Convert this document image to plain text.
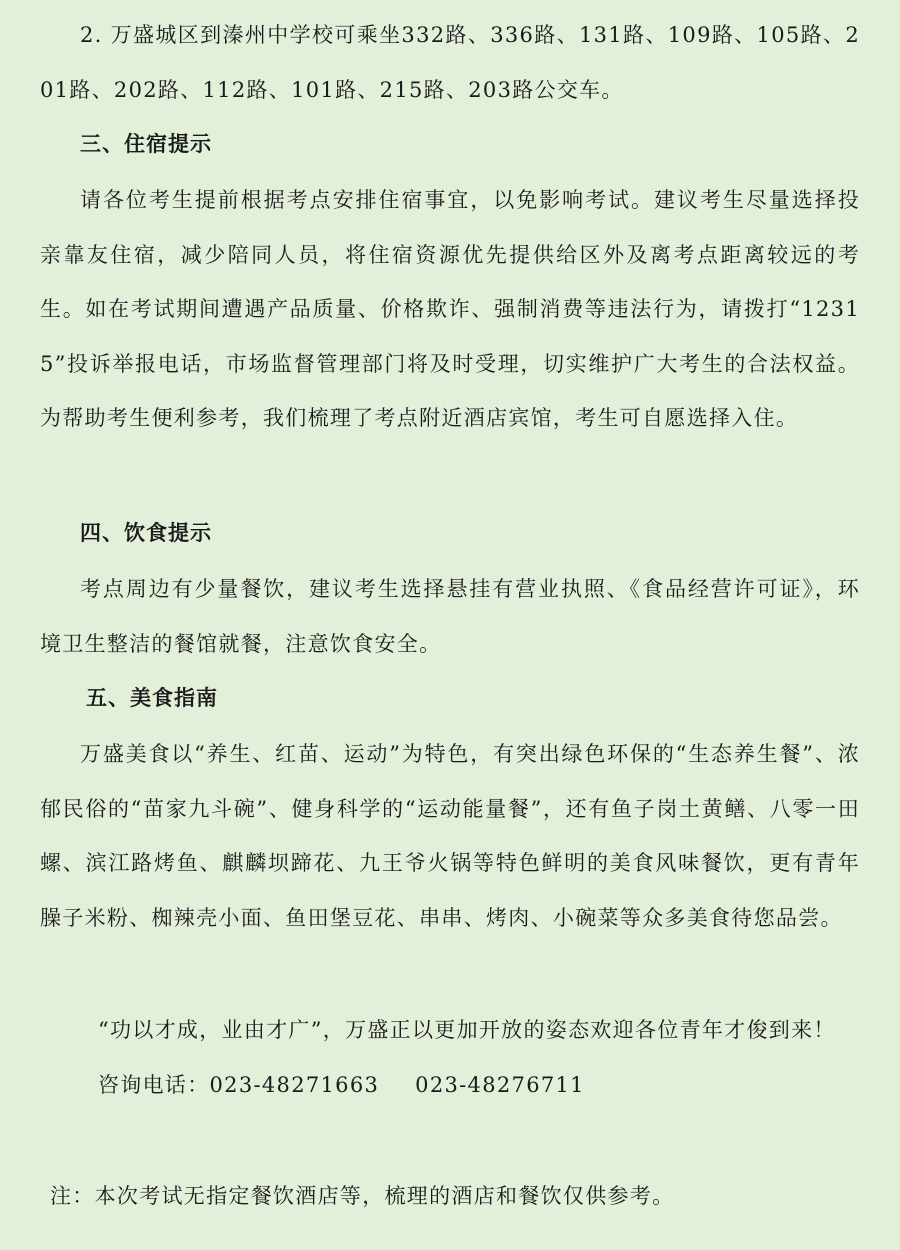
2. 万盛城区到溱州中学校可乘坐332路、336路、131路、109路、105路、201路、202路、112路、101路、215路、203路公交车。

三、住宿提示

请各位考生提前根据考点安排住宿事宜，以免影响考试。建议考生尽量选择投亲靠友住宿，减少陪同人员，将住宿资源优先提供给区外及离考点距离较远的考生。如在考试期间遭遇产品质量、价格欺诈、强制消费等违法行为，请拨打“12315”投诉举报电话，市场监督管理部门将及时受理，切实维护广大考生的合法权益。为帮助考生便利参考，我们梳理了考点附近酒店宾馆，考生可自愿选择入住。

四、饮食提示

考点周边有少量餐饮，建议考生选择悬挂有营业执照、《食品经营许可证》，环境卫生整洁的餐馆就餐，注意饮食安全。

五、美食指南

万盛美食以“养生、红苗、运动”为特色，有突出绿色环保的“生态养生餐”、浓郁民俗的“苗家九斗碗”、健身科学的“运动能量餐”，还有鱼子岗土黄鳝、八零一田螺、滨江路烤鱼、麒麟坝蹄花、九王爷火锅等特色鲜明的美食风味餐饮，更有青年臊子米粉、椥辣壳小面、鱼田堡豆花、串串、烤肉、小碗菜等众多美食待您品尝。

“功以才成，业由才广”，万盛正以更加开放的姿态欢迎各位青年才俊到来！

咨询电话：023-48271663 023-48276711

注：本次考试无指定餐饮酒店等，梳理的酒店和餐饮仅供参考。
